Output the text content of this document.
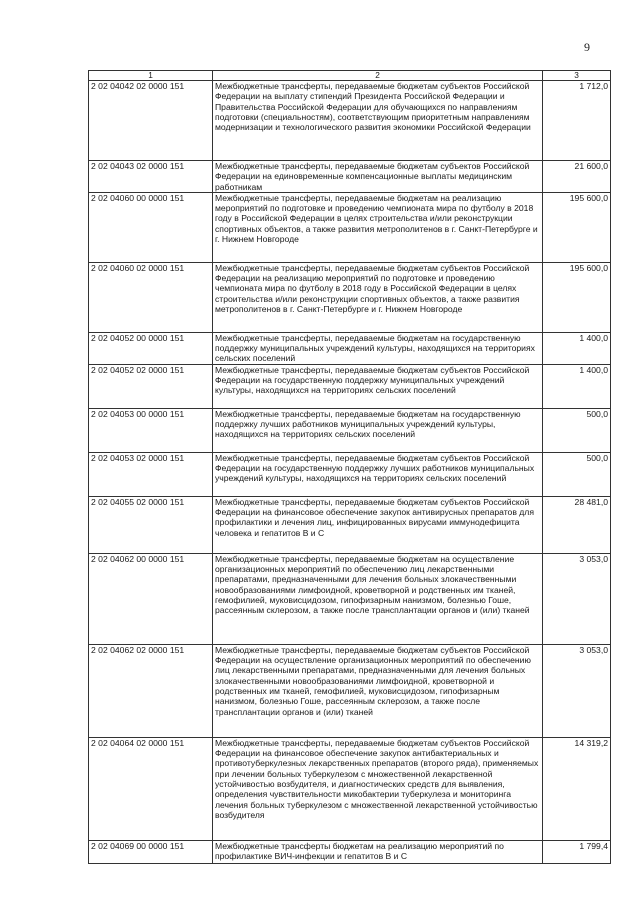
9
1	2	3
2 02 04042 02 0000 151	Межбюджетные трансферты, передаваемые бюджетам субъектов Российской Федерации на выплату стипендий Президента Российской Федерации и Правительства Российской Федерации для обучающихся по направлениям подготовки (специальностям), соответствующим приоритетным направлениям модернизации и технологического развития экономики Российской Федерации	1 712,0
2 02 04043 02 0000 151	Межбюджетные трансферты, передаваемые бюджетам субъектов Российской Федерации на единовременные компенсационные выплаты медицинским работникам	21 600,0
2 02 04060 00 0000 151	Межбюджетные трансферты, передаваемые бюджетам на реализацию мероприятий по подготовке и проведению чемпионата мира по футболу в 2018 году в Российской Федерации в целях строительства и/или реконструкции спортивных объектов, а также развития метрополитенов в г. Санкт-Петербурге и г. Нижнем Новгороде	195 600,0
2 02 04060 02 0000 151	Межбюджетные трансферты, передаваемые бюджетам субъектов Российской Федерации на реализацию мероприятий по подготовке и проведению чемпионата мира по футболу в 2018 году в Российской Федерации в целях строительства и/или реконструкции спортивных объектов, а также развития метрополитенов в г. Санкт-Петербурге и г. Нижнем Новгороде	195 600,0
2 02 04052 00 0000 151	Межбюджетные трансферты, передаваемые бюджетам на государственную поддержку муниципальных учреждений культуры, находящихся на территориях сельских поселений	1 400,0
2 02 04052 02 0000 151	Межбюджетные трансферты, передаваемые бюджетам субъектов Российской Федерации на государственную поддержку муниципальных учреждений культуры, находящихся на территориях сельских поселений	1 400,0
2 02 04053 00 0000 151	Межбюджетные трансферты, передаваемые бюджетам на государственную поддержку лучших работников муниципальных учреждений культуры, находящихся на территориях сельских поселений	500,0
2 02 04053 02 0000 151	Межбюджетные трансферты, передаваемые бюджетам субъектов Российской Федерации на государственную поддержку лучших работников муниципальных учреждений культуры, находящихся на территориях сельских поселений	500,0
2 02 04055 02 0000 151	Межбюджетные трансферты, передаваемые бюджетам субъектов Российской Федерации на финансовое обеспечение закупок антивирусных препаратов для профилактики и лечения лиц, инфицированных вирусами иммунодефицита человека и гепатитов В и С	28 481,0
2 02 04062 00 0000 151	Межбюджетные трансферты, передаваемые бюджетам на осуществление организационных мероприятий по обеспечению лиц лекарственными препаратами, предназначенными для лечения больных злокачественными новообразованиями лимфоидной, кроветворной и родственных им тканей, гемофилией, муковисцидозом, гипофизарным нанизмом, болезнью Гоше, рассеянным склерозом, а также после трансплантации органов и (или) тканей	3 053,0
2 02 04062 02 0000 151	Межбюджетные трансферты, передаваемые бюджетам субъектов Российской Федерации на осуществление организационных мероприятий по обеспечению лиц лекарственными препаратами, предназначенными для лечения больных злокачественными новообразованиями лимфоидной, кроветворной и родственных им тканей, гемофилией, муковисцидозом, гипофизарным нанизмом, болезнью Гоше, рассеянным склерозом, а также после трансплантации органов и (или) тканей	3 053,0
2 02 04064 02 0000 151	Межбюджетные трансферты, передаваемые бюджетам субъектов Российской Федерации на финансовое обеспечение закупок антибактериальных и противотуберкулезных лекарственных препаратов (второго ряда), применяемых при лечении больных туберкулезом с множественной лекарственной устойчивостью возбудителя, и диагностических средств для выявления, определения чувствительности микобактерии туберкулеза и мониторинга лечения больных туберкулезом с множественной лекарственной устойчивостью возбудителя	14 319,2
2 02 04069 00 0000 151	Межбюджетные трансферты бюджетам на реализацию мероприятий по профилактике ВИЧ-инфекции и гепатитов В и С	1 799,4
